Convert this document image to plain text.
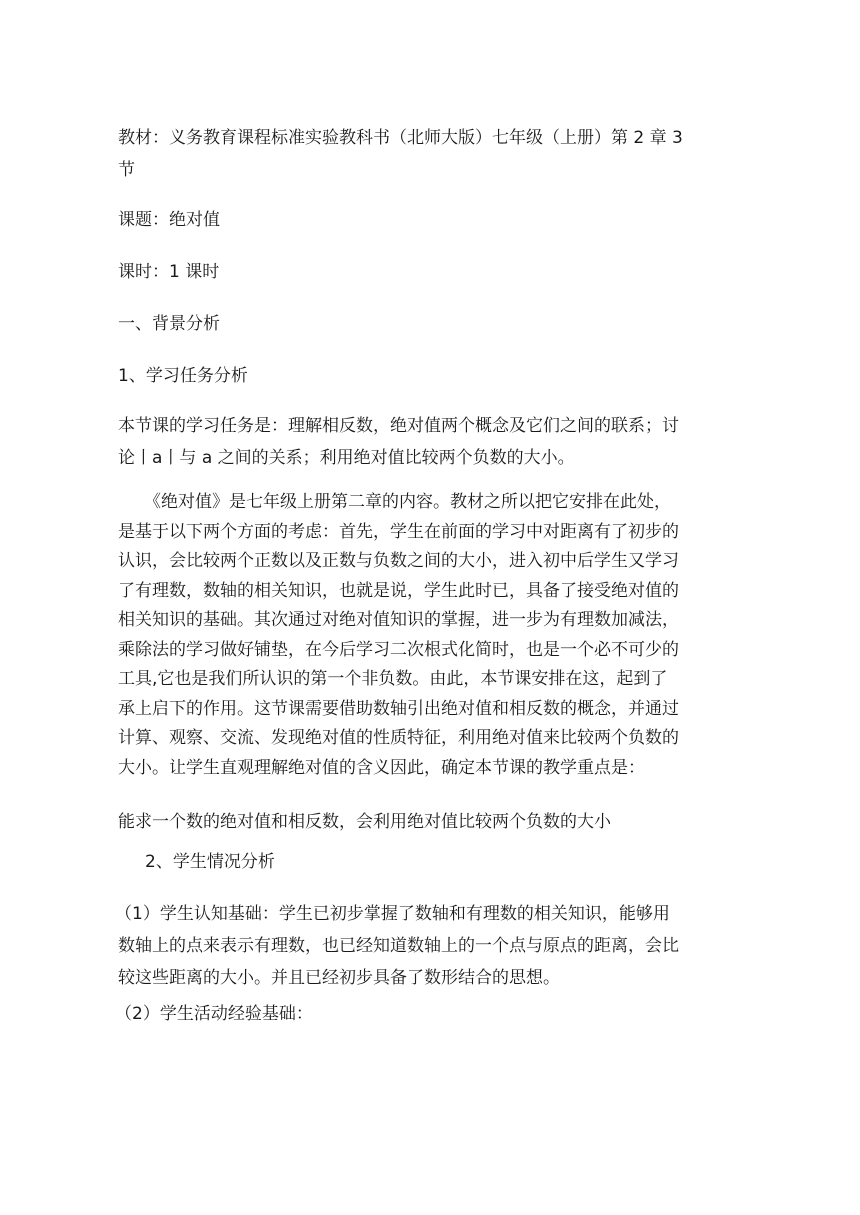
教材：义务教育课程标准实验教科书（北师大版）七年级（上册）第 2 章 3
节
课题：绝对值
课时：1 课时
一、背景分析
1、学习任务分析
本节课的学习任务是：理解相反数，绝对值两个概念及它们之间的联系；讨
论丨a丨与 a 之间的关系；利用绝对值比较两个负数的大小。
《绝对值》是七年级上册第二章的内容。教材之所以把它安排在此处，
是基于以下两个方面的考虑：首先，学生在前面的学习中对距离有了初步的
认识，会比较两个正数以及正数与负数之间的大小，进入初中后学生又学习
了有理数，数轴的相关知识，也就是说，学生此时已，具备了接受绝对值的
相关知识的基础。其次通过对绝对值知识的掌握，进一步为有理数加减法，
乘除法的学习做好铺垫，在今后学习二次根式化简时，也是一个必不可少的
工具,它也是我们所认识的第一个非负数。由此，本节课安排在这，起到了
承上启下的作用。这节课需要借助数轴引出绝对值和相反数的概念，并通过
计算、观察、交流、发现绝对值的性质特征，利用绝对值来比较两个负数的
大小。让学生直观理解绝对值的含义因此，确定本节课的教学重点是：
能求一个数的绝对值和相反数，会利用绝对值比较两个负数的大小
2、学生情况分析
（1）学生认知基础：学生已初步掌握了数轴和有理数的相关知识，能够用
数轴上的点来表示有理数，也已经知道数轴上的一个点与原点的距离，会比
较这些距离的大小。并且已经初步具备了数形结合的思想。
（2）学生活动经验基础：
